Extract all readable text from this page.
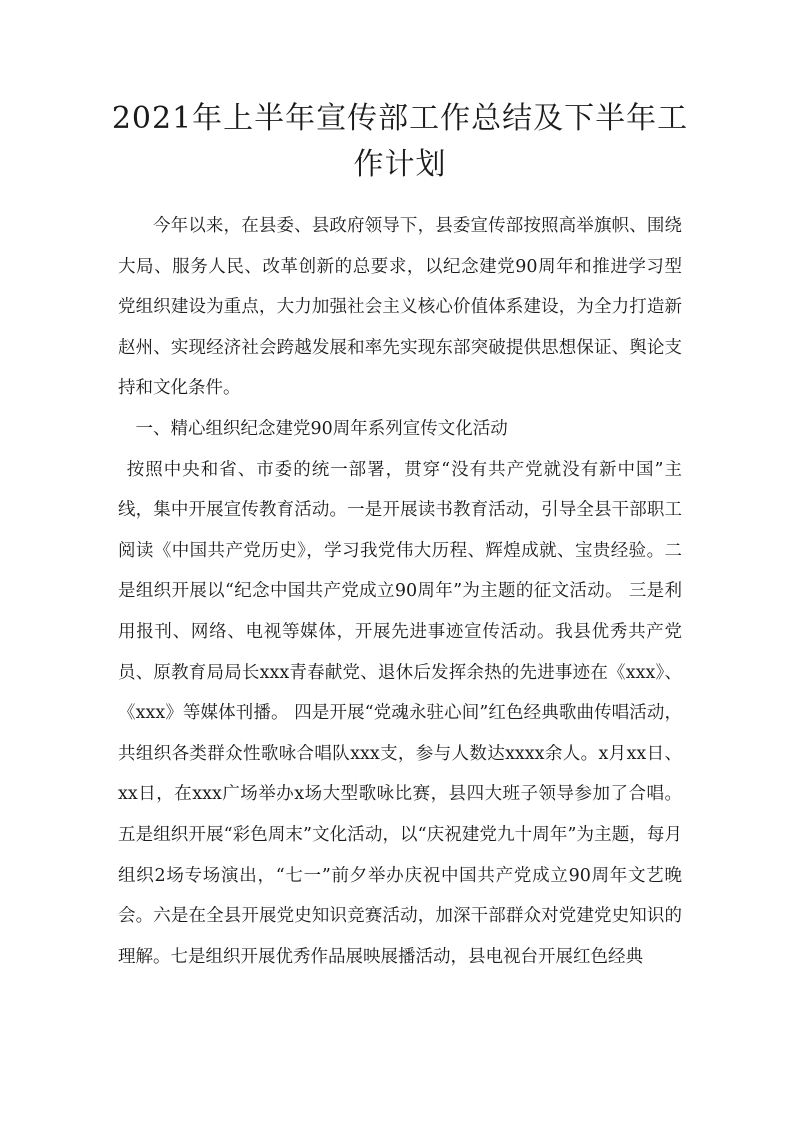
2021年上半年宣传部工作总结及下半年工
作计划

今年以来，在县委、县政府领导下，县委宣传部按照高举旗帜、围绕大局、服务人民、改革创新的总要求，以纪念建党90周年和推进学习型党组织建设为重点，大力加强社会主义核心价值体系建设，为全力打造新赵州、实现经济社会跨越发展和率先实现东部突破提供思想保证、舆论支持和文化条件。

一、精心组织纪念建党90周年系列宣传文化活动

按照中央和省、市委的统一部署，贯穿“没有共产党就没有新中国”主线，集中开展宣传教育活动。一是开展读书教育活动，引导全县干部职工阅读《中国共产党历史》，学习我党伟大历程、辉煌成就、宝贵经验。二是组织开展以“纪念中国共产党成立90周年”为主题的征文活动。 三是利用报刊、网络、电视等媒体，开展先进事迹宣传活动。我县优秀共产党员、原教育局局长xxx青春献党、退休后发挥余热的先进事迹在《xxx》、《xxx》等媒体刊播。 四是开展“党魂永驻心间”红色经典歌曲传唱活动，共组织各类群众性歌咏合唱队xxx支，参与人数达xxxx余人。x月xx日、xx日，在xxx广场举办x场大型歌咏比赛，县四大班子领导参加了合唱。 五是组织开展“彩色周末”文化活动，以“庆祝建党九十周年”为主题，每月组织2场专场演出，“七一”前夕举办庆祝中国共产党成立90周年文艺晚会。六是在全县开展党史知识竞赛活动，加深干部群众对党建党史知识的理解。七是组织开展优秀作品展映展播活动，县电视台开展红色经典
